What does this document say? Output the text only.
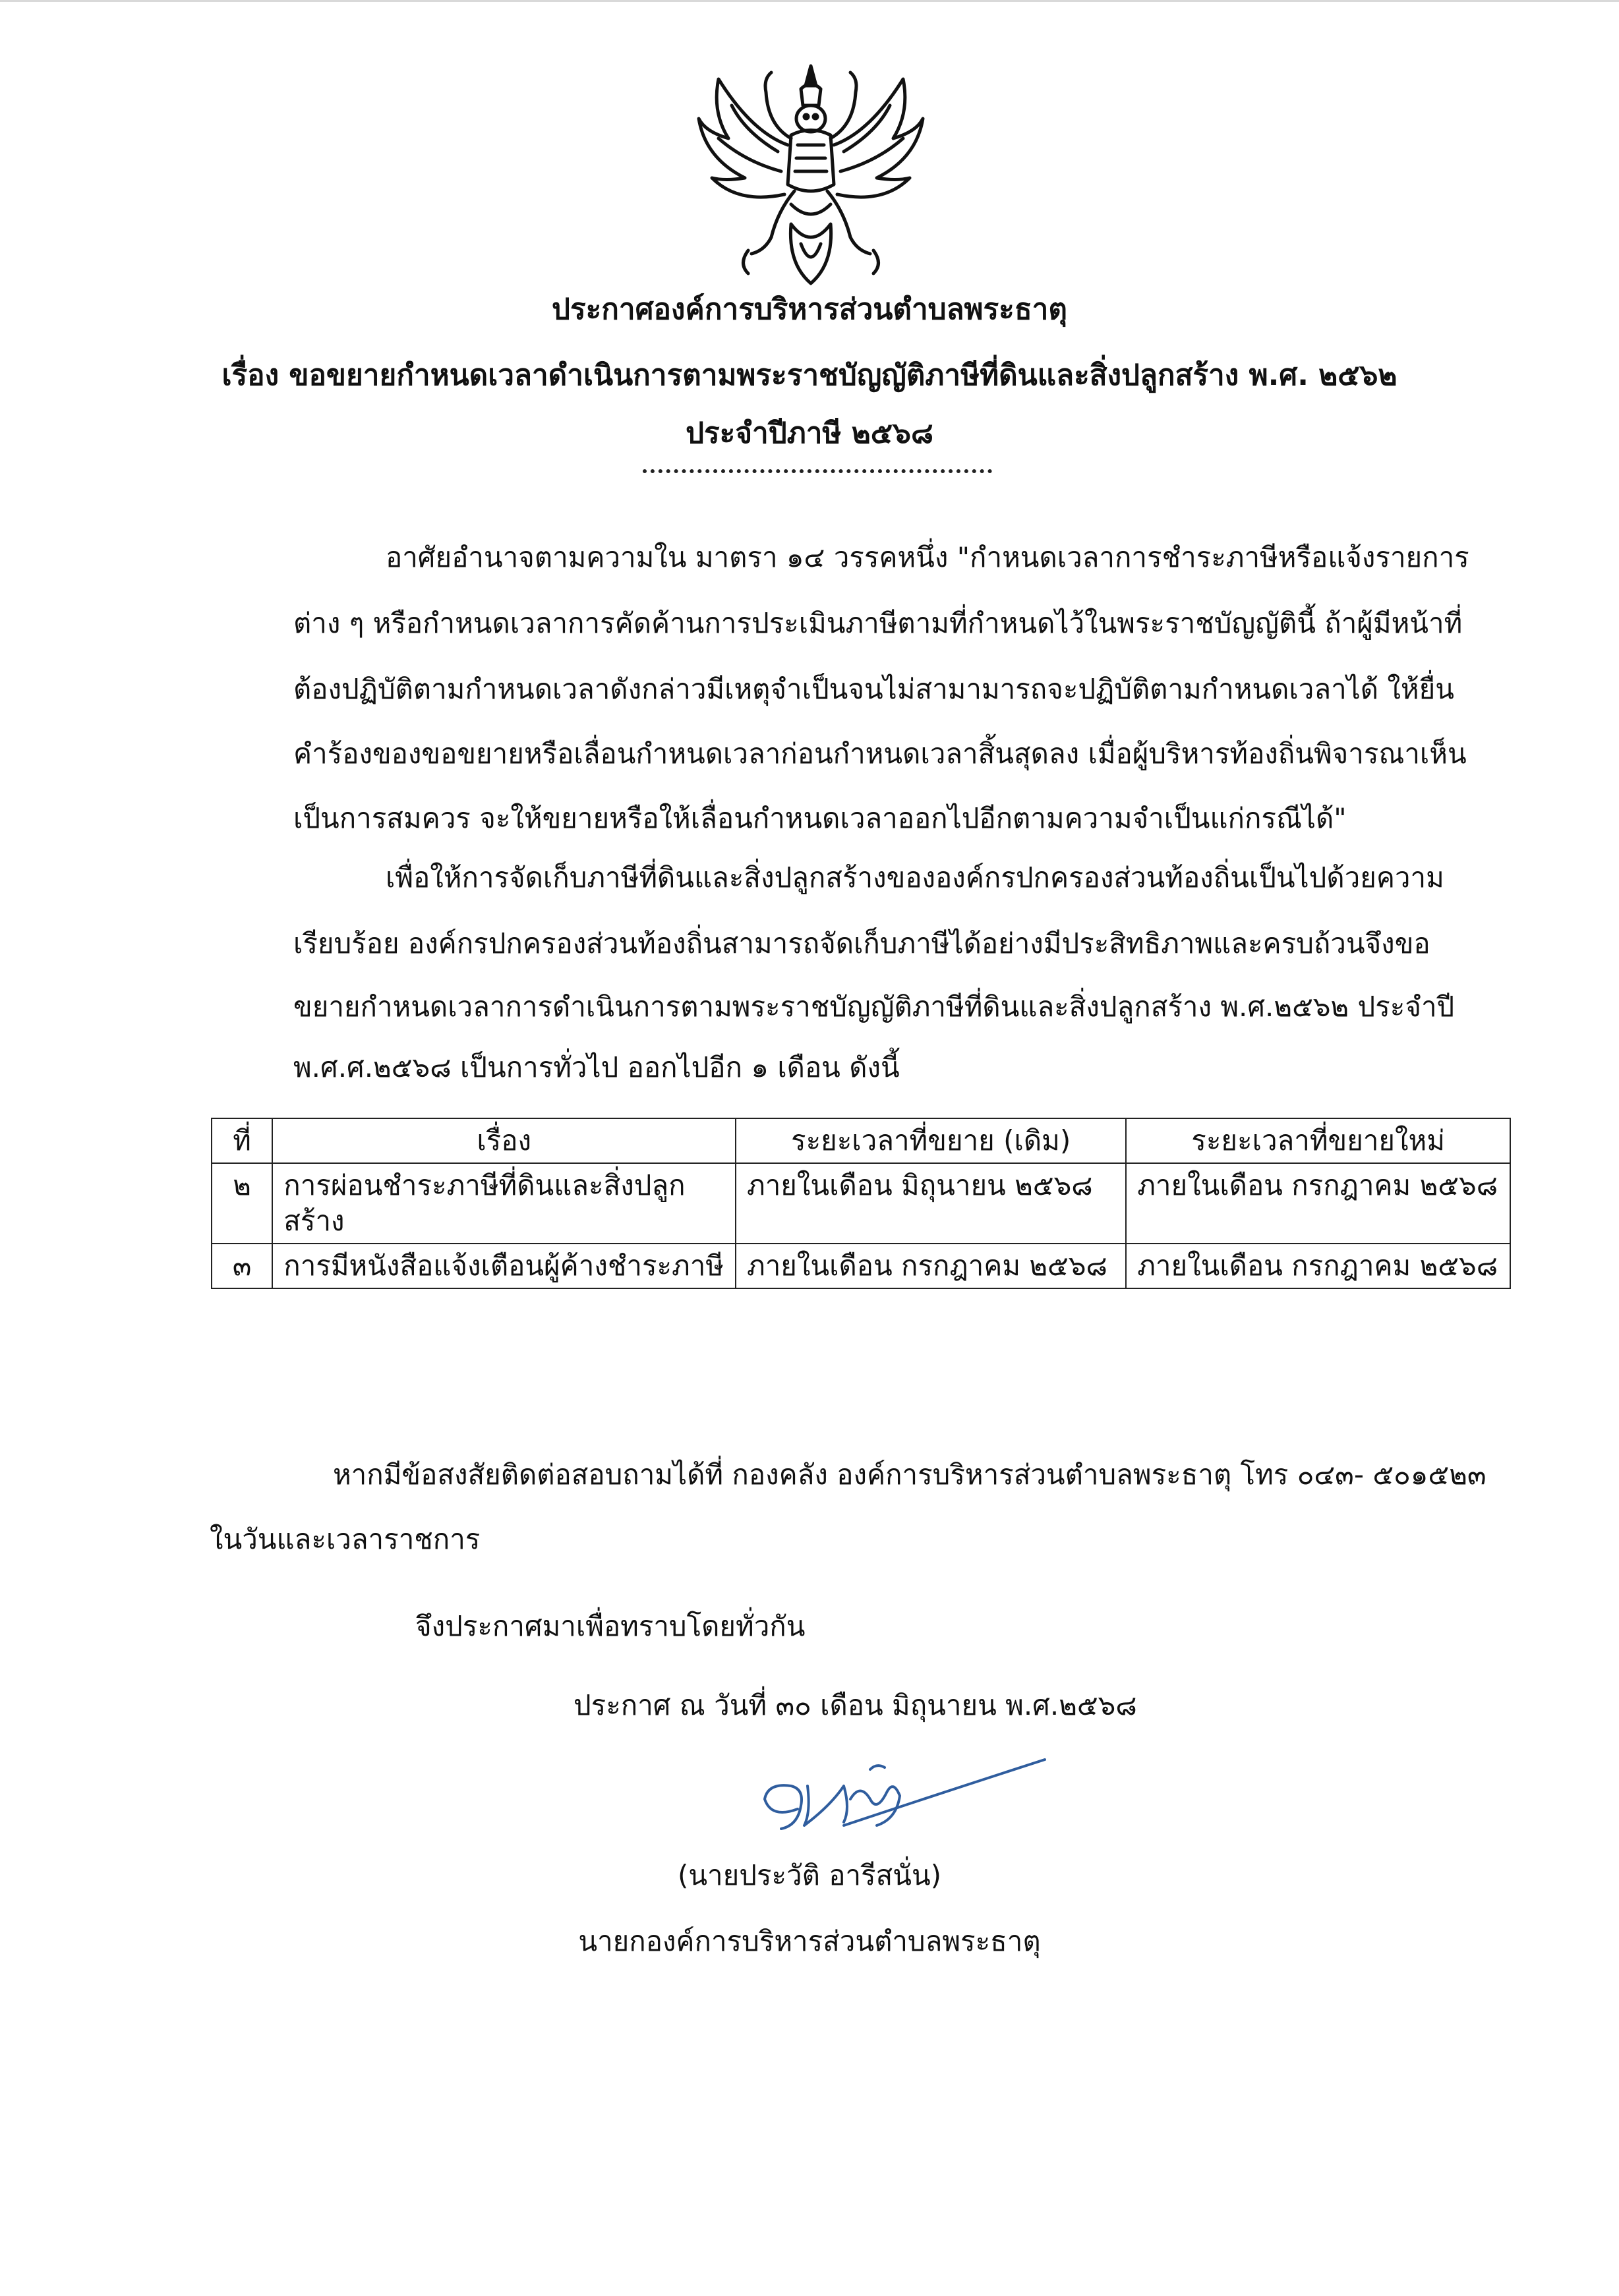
ประกาศองค์การบริหารส่วนตำบลพระธาตุ
เรื่อง ขอขยายกำหนดเวลาดำเนินการตามพระราชบัญญัติภาษีที่ดินและสิ่งปลูกสร้าง พ.ศ. ๒๕๖๒
ประจำปีภาษี ๒๕๖๘
อาศัยอำนาจตามความใน มาตรา ๑๔ วรรคหนึ่ง "กำหนดเวลาการชำระภาษีหรือแจ้งรายการ
ต่าง ๆ หรือกำหนดเวลาการคัดค้านการประเมินภาษีตามที่กำหนดไว้ในพระราชบัญญัตินี้ ถ้าผู้มีหน้าที่
ต้องปฏิบัติตามกำหนดเวลาดังกล่าวมีเหตุจำเป็นจนไม่สามามารถจะปฏิบัติตามกำหนดเวลาได้ ให้ยื่น
คำร้องของขอขยายหรือเลื่อนกำหนดเวลาก่อนกำหนดเวลาสิ้นสุดลง เมื่อผู้บริหารท้องถิ่นพิจารณาเห็น
เป็นการสมควร จะให้ขยายหรือให้เลื่อนกำหนดเวลาออกไปอีกตามความจำเป็นแก่กรณีได้"
เพื่อให้การจัดเก็บภาษีที่ดินและสิ่งปลูกสร้างขององค์กรปกครองส่วนท้องถิ่นเป็นไปด้วยความ
เรียบร้อย องค์กรปกครองส่วนท้องถิ่นสามารถจัดเก็บภาษีได้อย่างมีประสิทธิภาพและครบถ้วนจึงขอ
ขยายกำหนดเวลาการดำเนินการตามพระราชบัญญัติภาษีที่ดินและสิ่งปลูกสร้าง พ.ศ.๒๕๖๒ ประจำปี
พ.ศ.ศ.๒๕๖๘ เป็นการทั่วไป ออกไปอีก ๑ เดือน ดังนี้
ที่	เรื่อง	ระยะเวลาที่ขยาย (เดิม)	ระยะเวลาที่ขยายใหม่
๒	การผ่อนชำระภาษีที่ดินและสิ่งปลูกสร้าง	ภายในเดือน มิถุนายน ๒๕๖๘	ภายในเดือน กรกฎาคม ๒๕๖๘
๓	การมีหนังสือแจ้งเตือนผู้ค้างชำระภาษี	ภายในเดือน กรกฎาคม ๒๕๖๘	ภายในเดือน กรกฎาคม ๒๕๖๘
หากมีข้อสงสัยติดต่อสอบถามได้ที่ กองคลัง องค์การบริหารส่วนตำบลพระธาตุ โทร ๐๔๓- ๕๐๑๕๒๓
ในวันและเวลาราชการ
จึงประกาศมาเพื่อทราบโดยทั่วกัน
ประกาศ ณ วันที่ ๓๐ เดือน มิถุนายน พ.ศ.๒๕๖๘
(นายประวัติ อารีสนั่น)
นายกองค์การบริหารส่วนตำบลพระธาตุ
